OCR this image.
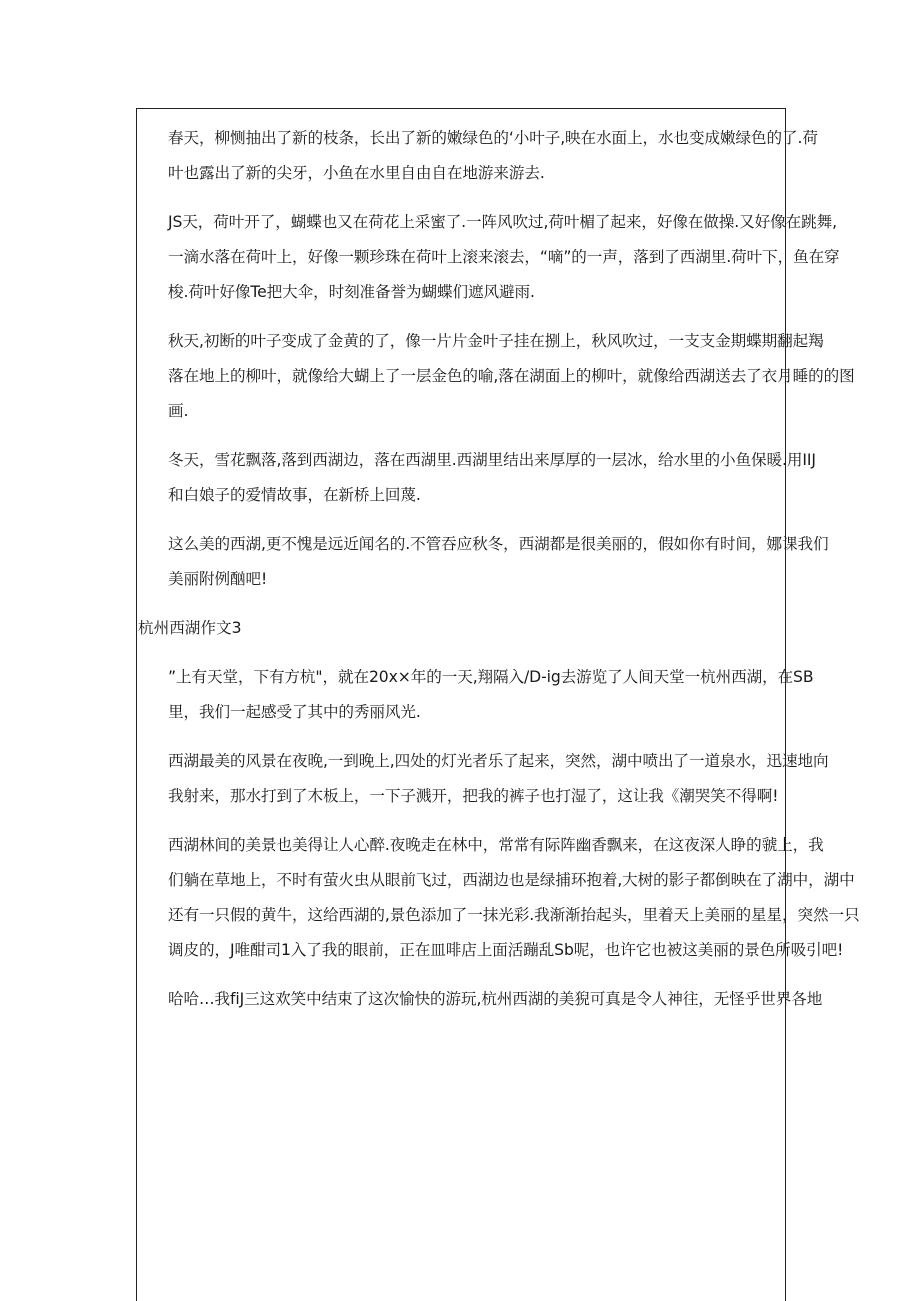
春天，柳恻抽出了新的枝条，长出了新的嫩绿色的‘小叶子,映在水面上，水也变成嫩绿色的了.荷
叶也露出了新的尖牙，小鱼在水里自由自在地游来游去.

JS天，荷叶开了，蝴蝶也又在荷花上采蜜了.一阵风吹过,荷叶楣了起来，好像在做操.又好像在跳舞,
一滴水落在荷叶上，好像一颗珍珠在荷叶上滚来滚去，“嘀”的一声，落到了西湖里.荷叶下，鱼在穿
梭.荷叶好像Te把大伞，时刻准备誉为蝴蝶们遮风避雨.

秋天,初断的叶子变成了金黄的了，像一片片金叶子挂在捌上，秋风吹过，一支支金期蝶期翻起羯
落在地上的柳叶，就像给大蝴上了一层金色的喻,落在湖面上的柳叶，就像给西湖送去了衣月睡的的图
画.

冬天，雪花飘落,落到西湖边，落在西湖里.西湖里结出来厚厚的一层冰，给水里的小鱼保暖.用IIJ
和白娘子的爱情故事，在新桥上回蔑.

这么美的西湖,更不愧是远近闻名的.不管吞应秋冬，西湖都是很美丽的，假如你有时间，娜课我们
美丽附例酗吧!

杭州西湖作文3

”上有天堂，下有方杭"，就在20x×年的一天,翔隔入/D-ig去游览了人间天堂一杭州西湖，在SB
里，我们一起感受了其中的秀丽风光.

西湖最美的风景在夜晚,一到晚上,四处的灯光者乐了起来，突然，湖中喷出了一道泉水，迅速地向
我射来，那水打到了木板上，一下子溅开，把我的裤子也打湿了，这让我《潮哭笑不得啊!

西湖林间的美景也美得让人心醉.夜晚走在林中，常常有际阵幽香飘来，在这夜深人睁的虢上，我
们躺在草地上，不时有萤火虫从眼前飞过，西湖边也是绿捕环抱着,大树的影子都倒映在了湖中，湖中
还有一只假的黄牛，这给西湖的,景色添加了一抹光彩.我渐渐抬起头，里着天上美丽的星星，突然一只
调皮的，J唯酣司1入了我的眼前，正在皿啡店上面活蹦乱Sb呢，也许它也被这美丽的景色所吸引吧!

哈哈…我fiJ三这欢笑中结束了这次愉快的游玩,杭州西湖的美猊可真是令人神往，无怪乎世界各地
